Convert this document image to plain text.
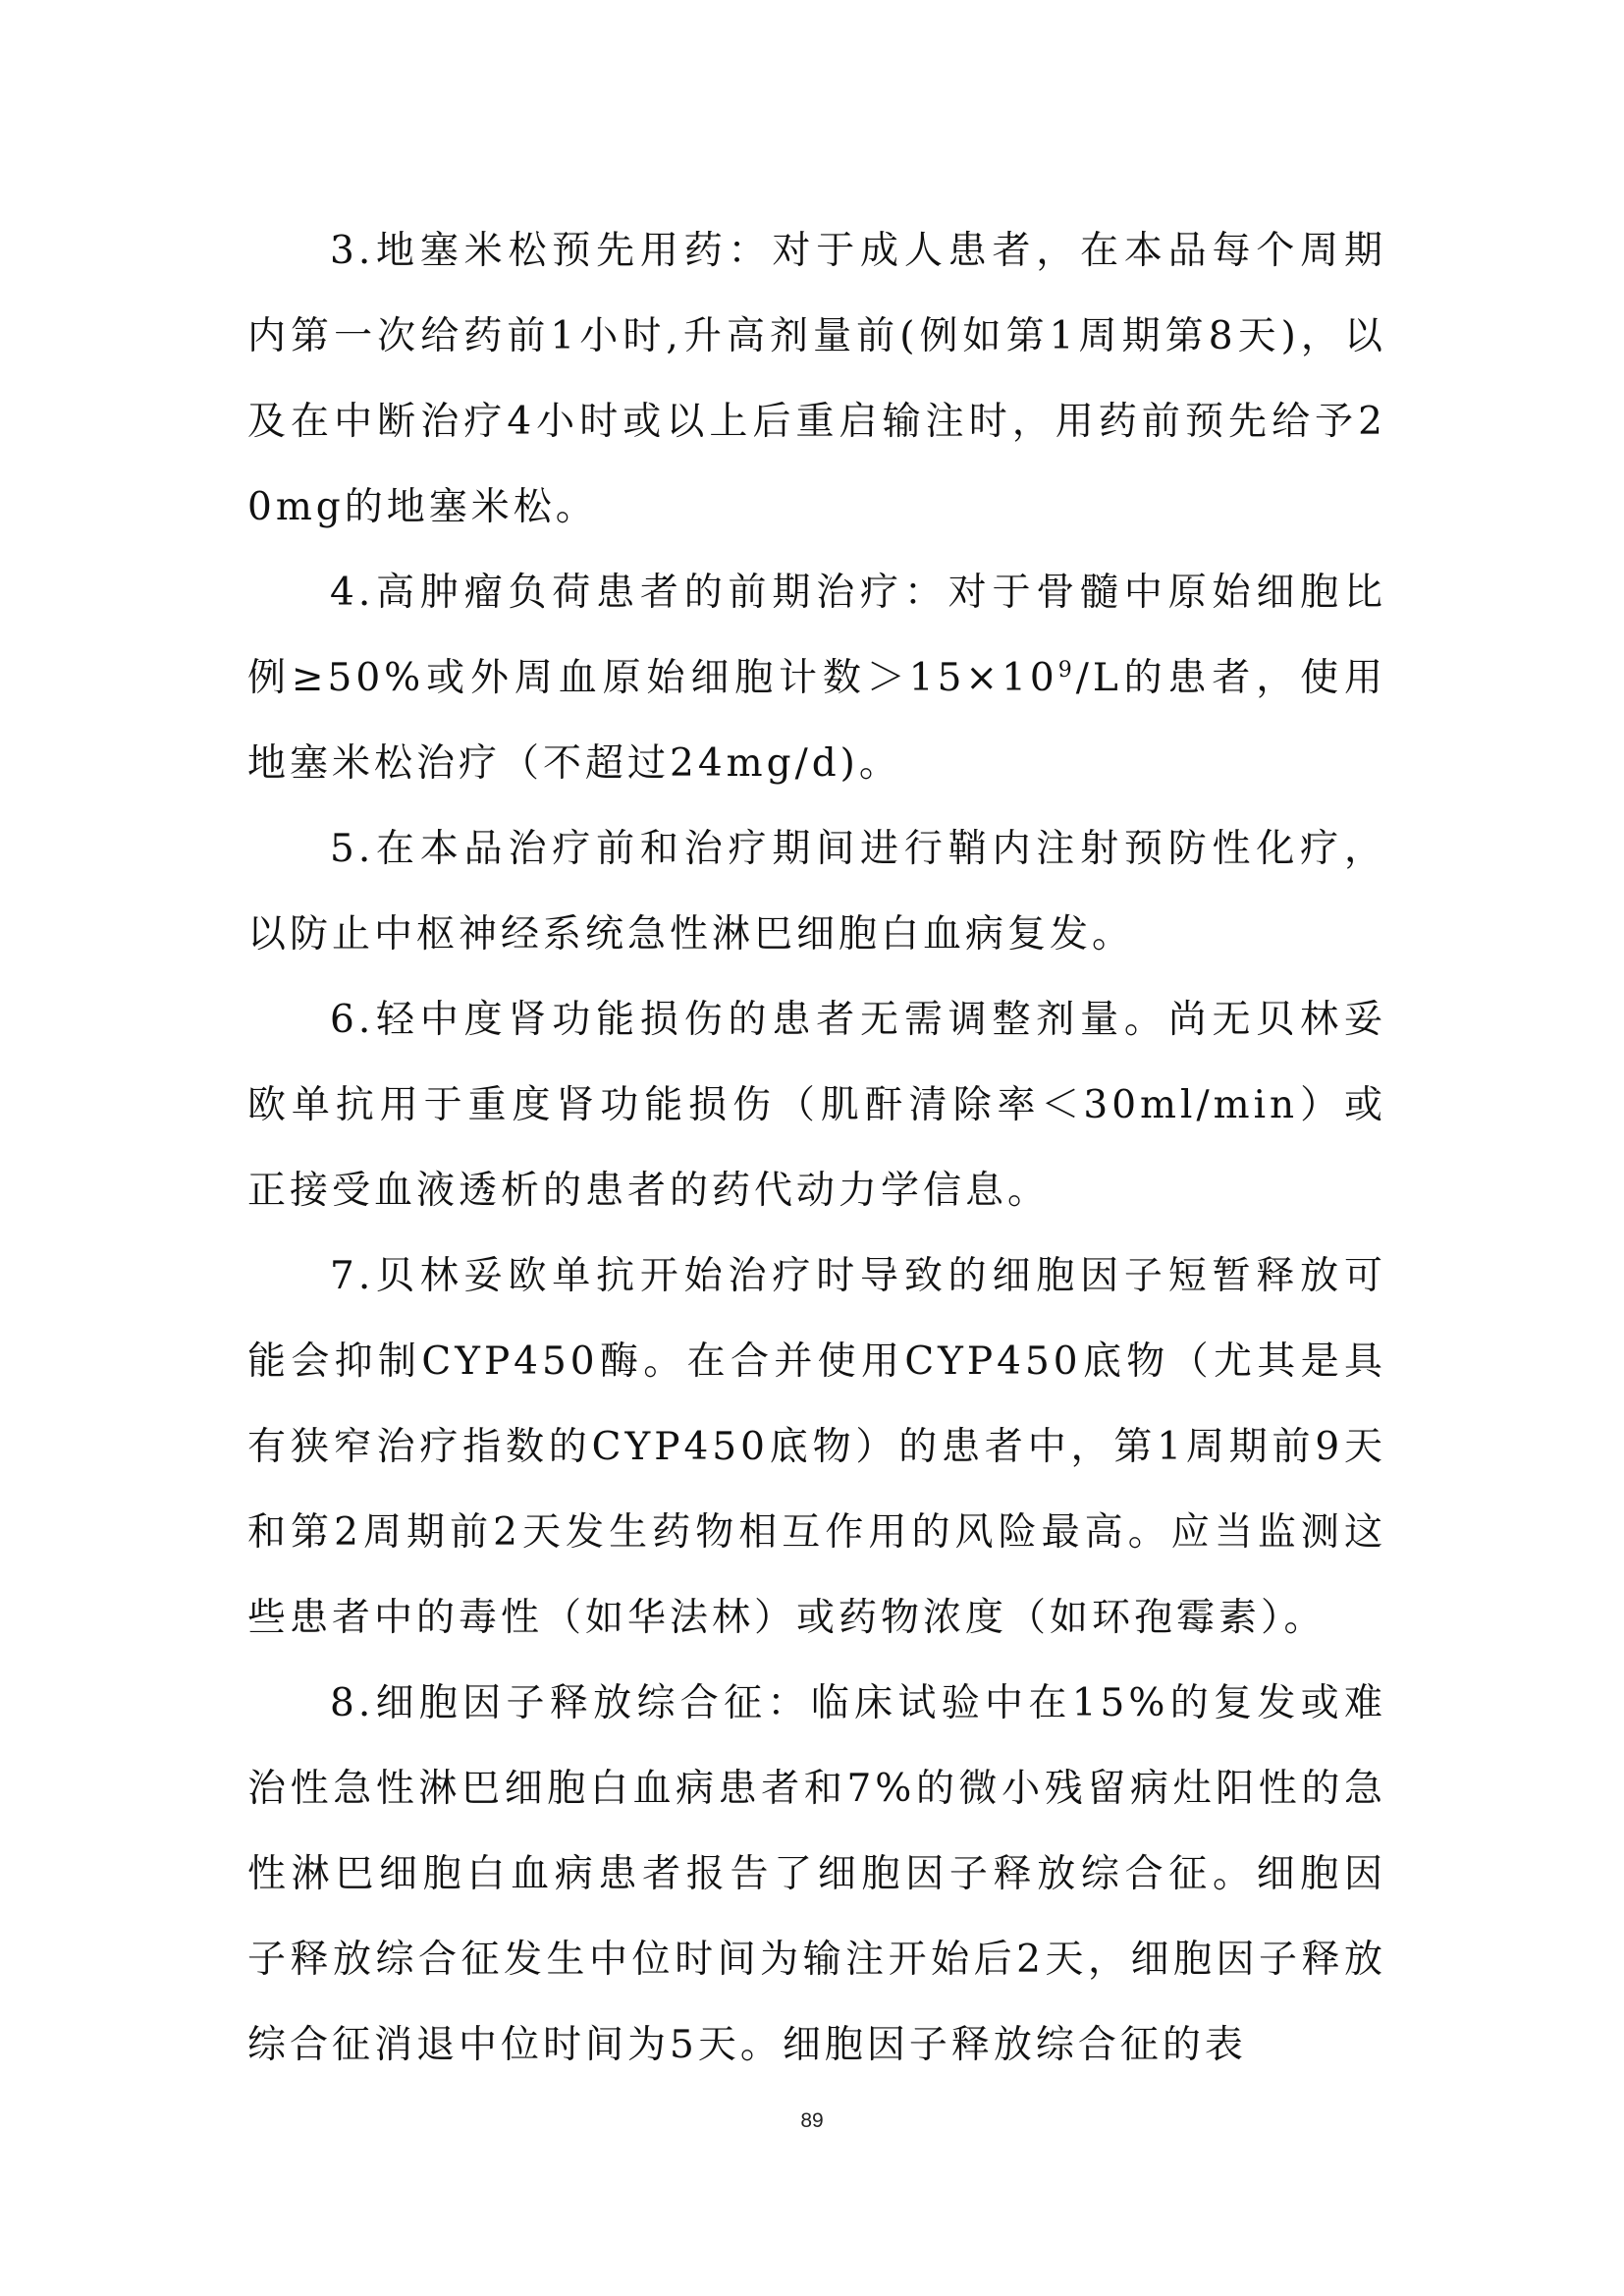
3.地塞米松预先用药：对于成人患者，在本品每个周期内第一次给药前1小时,升高剂量前(例如第1周期第8天)，以及在中断治疗4小时或以上后重启输注时，用药前预先给予20mg的地塞米松。

4.高肿瘤负荷患者的前期治疗：对于骨髓中原始细胞比例≥50%或外周血原始细胞计数$>15\times 10^9/L$的患者，使用地塞米松治疗（不超过24mg/d)。

5.在本品治疗前和治疗期间进行鞘内注射预防性化疗，以防止中枢神经系统急性淋巴细胞白血病复发。

6.轻中度肾功能损伤的患者无需调整剂量。尚无贝林妥欧单抗用于重度肾功能损伤（肌酐清除率＜30ml/min）或正接受血液透析的患者的药代动力学信息。

7.贝林妥欧单抗开始治疗时导致的细胞因子短暂释放可能会抑制CYP450酶。在合并使用CYP450底物（尤其是具有狭窄治疗指数的CYP450底物）的患者中，第1周期前9天和第2周期前2天发生药物相互作用的风险最高。应当监测这些患者中的毒性（如华法林）或药物浓度（如环孢霉素）。

8.细胞因子释放综合征：临床试验中在15%的复发或难治性急性淋巴细胞白血病患者和7%的微小残留病灶阳性的急性淋巴细胞白血病患者报告了细胞因子释放综合征。细胞因子释放综合征发生中位时间为输注开始后2天，细胞因子释放综合征消退中位时间为5天。细胞因子释放综合征的表

89
